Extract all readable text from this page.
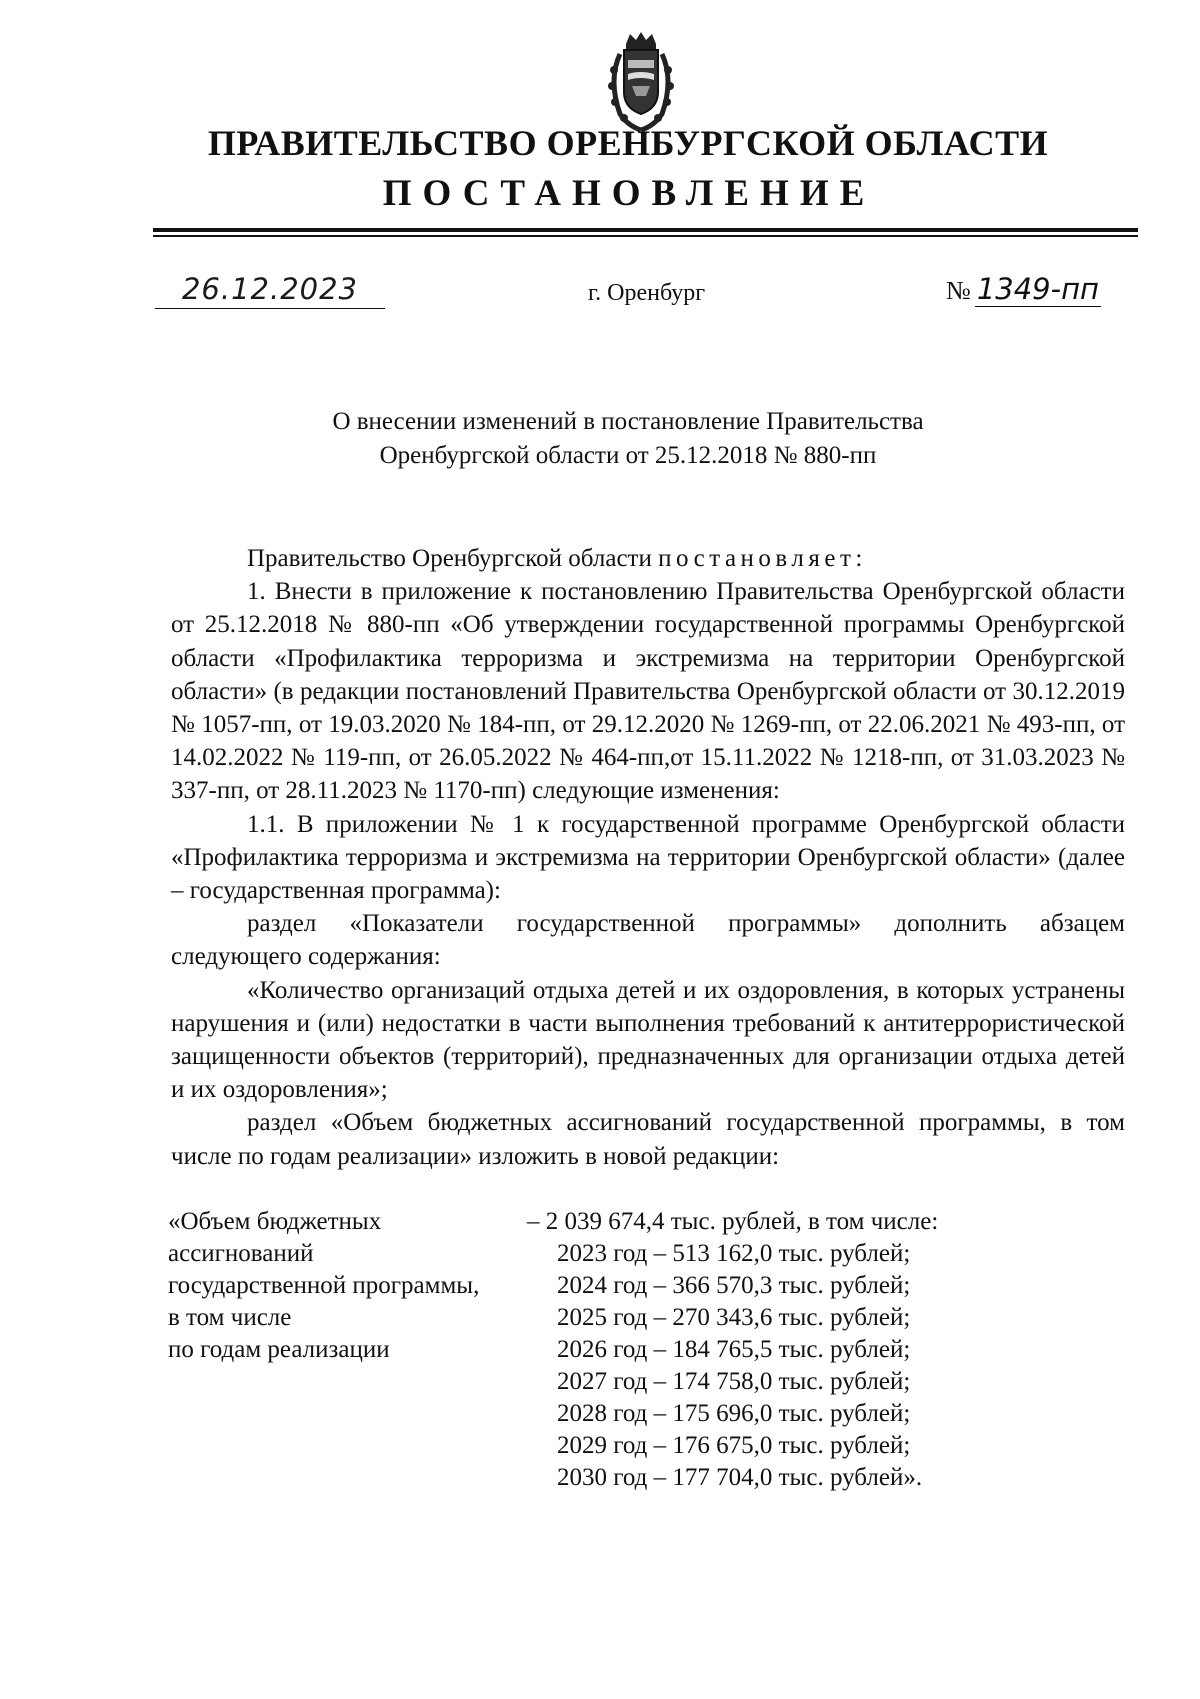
ПРАВИТЕЛЬСТВО ОРЕНБУРГСКОЙ ОБЛАСТИ
ПОСТАНОВЛЕНИЕ
26.12.2023	г. Оренбург	№ 1349-пп
О внесении изменений в постановление Правительства
Оренбургской области от 25.12.2018 № 880-пп

Правительство Оренбургской области постановляет:

1. Внести в приложение к постановлению Правительства Оренбургской области от 25.12.2018 № 880-пп «Об утверждении государственной программы Оренбургской области «Профилактика терроризма и экстремизма на территории Оренбургской области» (в редакции постановлений Правительства Оренбургской области от 30.12.2019 № 1057-пп, от 19.03.2020 № 184-пп, от 29.12.2020 № 1269-пп, от 22.06.2021 № 493-пп, от 14.02.2022 № 119-пп, от 26.05.2022 № 464-пп,от 15.11.2022 № 1218-пп, от 31.03.2023 № 337-пп, от 28.11.2023 № 1170-пп) следующие изменения:

1.1. В приложении № 1 к государственной программе Оренбургской области «Профилактика терроризма и экстремизма на территории Оренбургской области» (далее – государственная программа):

раздел «Показатели государственной программы» дополнить абзацем следующего содержания:

«Количество организаций отдыха детей и их оздоровления, в которых устранены нарушения и (или) недостатки в части выполнения требований к антитеррористической защищенности объектов (территорий), предназначенных для организации отдыха детей и их оздоровления»;

раздел «Объем бюджетных ассигнований государственной программы, в том числе по годам реализации» изложить в новой редакции:

«Объем бюджетных
ассигнований
государственной программы,
в том числе
по годам реализации
– 2 039 674,4 тыс. рублей, в том числе:
2023 год – 513 162,0 тыс. рублей;
2024 год – 366 570,3 тыс. рублей;
2025 год – 270 343,6 тыс. рублей;
2026 год – 184 765,5 тыс. рублей;
2027 год – 174 758,0 тыс. рублей;
2028 год – 175 696,0 тыс. рублей;
2029 год – 176 675,0 тыс. рублей;
2030 год – 177 704,0 тыс. рублей».
